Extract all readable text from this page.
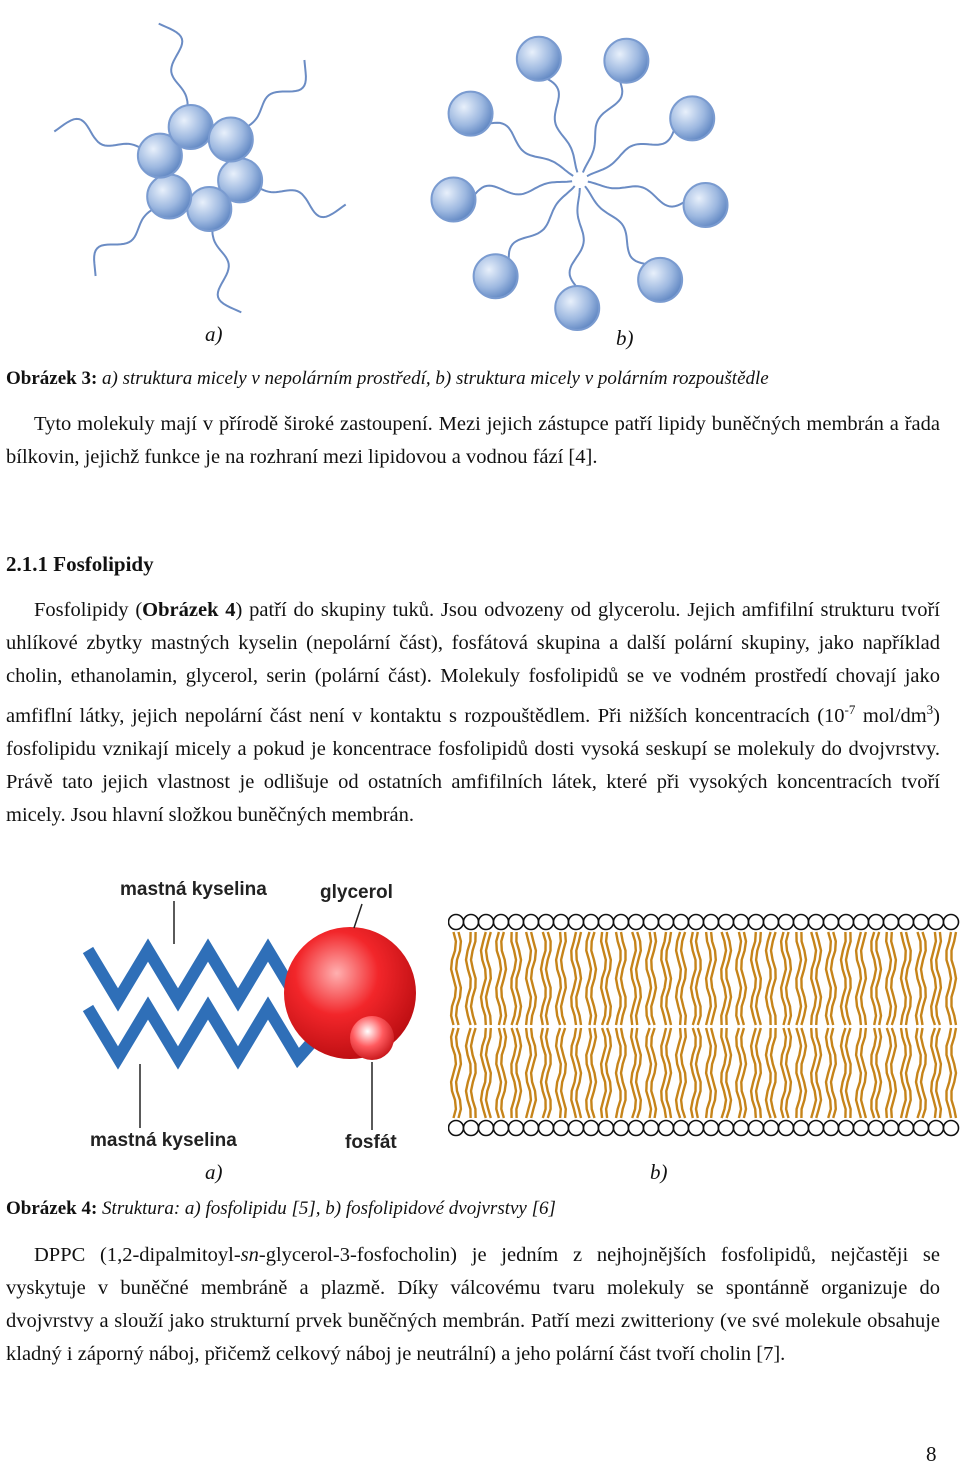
a)	b)
Obrázek 3: a) struktura micely v nepolárním prostředí, b) struktura micely v polárním rozpouštědle
Tyto molekuly mají v přírodě široké zastoupení. Mezi jejich zástupce patří lipidy buněčných membrán a řada bílkovin, jejichž funkce je na rozhraní mezi lipidovou a vodnou fází [4].
2.1.1 Fosfolipidy
Fosfolipidy (Obrázek 4) patří do skupiny tuků. Jsou odvozeny od glycerolu. Jejich amfifilní strukturu tvoří uhlíkové zbytky mastných kyselin (nepolární část), fosfátová skupina a další polární skupiny, jako například cholin, ethanolamin, glycerol, serin (polární část). Molekuly fosfolipidů se ve vodném prostředí chovají jako amfiflní látky, jejich nepolární část není v kontaktu s rozpouštědlem. Při nižších koncentracích ($10^{-7}$ mol/$dm^3$) fosfolipidu vznikají micely a pokud je koncentrace fosfolipidů dosti vysoká seskupí se molekuly do dvojvrstvy. Právě tato jejich vlastnost je odlišuje od ostatních amfifilních látek, které při vysokých koncentracích tvoří micely. Jsou hlavní složkou buněčných membrán.
mastná kyselina	glycerol
mastná kyselina	fosfát
a)	b)
Obrázek 4: Struktura: a) fosfolipidu [5], b) fosfolipidové dvojvrstvy [6]
DPPC (1,2-dipalmitoyl-sn-glycerol-3-fosfocholin) je jedním z nejhojnějších fosfolipidů, nejčastěji se vyskytuje v buněčné membráně a plazmě. Díky válcovému tvaru molekuly se spontánně organizuje do dvojvrstvy a slouží jako strukturní prvek buněčných membrán. Patří mezi zwitteriony (ve své molekule obsahuje kladný i záporný náboj, přičemž celkový náboj je neutrální) a jeho polární část tvoří cholin [7].
8
